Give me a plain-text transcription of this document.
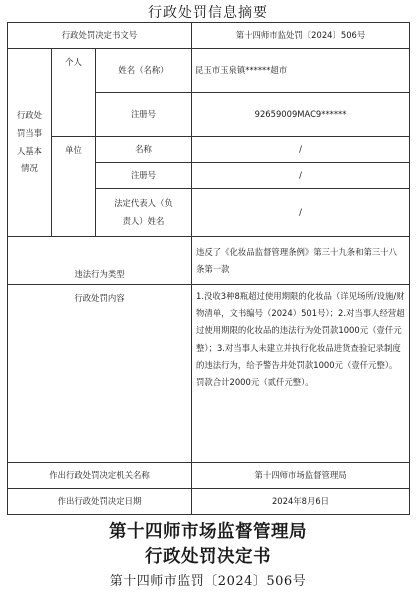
行政处罚信息摘要
行政处罚决定书文号			第十四师市监处罚〔2024〕506号

行政处
罚当事
人基本
情况	个人	姓名（名称）	昆玉市玉泉镇******超市
		注册号	92659009MAC9******
	单位	名称	/
		注册号	/

		法定代表人（负
责人）姓名	/
违法行为类型			违反了《化妆品监督管理条例》第三十九条和第三十八条第一款
行政处罚内容			1.没收3种8瓶超过使用期限的化妆品（详见场所/设施/财物清单，文书编号（2024）501号）；2.对当事人经营超过使用期限的化妆品的违法行为处罚款1000元（壹仟元整）；3.对当事人未建立并执行化妆品进货查验记录制度的违法行为，给予警告并处罚款1000元（壹仟元整）。罚款合计2000元（贰仟元整）。
作出行政处罚决定机关名称			第十四师市场监督管理局
作出行政处罚决定日期			2024年8月6日
第十四师市场监督管理局
行政处罚决定书
第十四师市监罚〔2024〕506号
